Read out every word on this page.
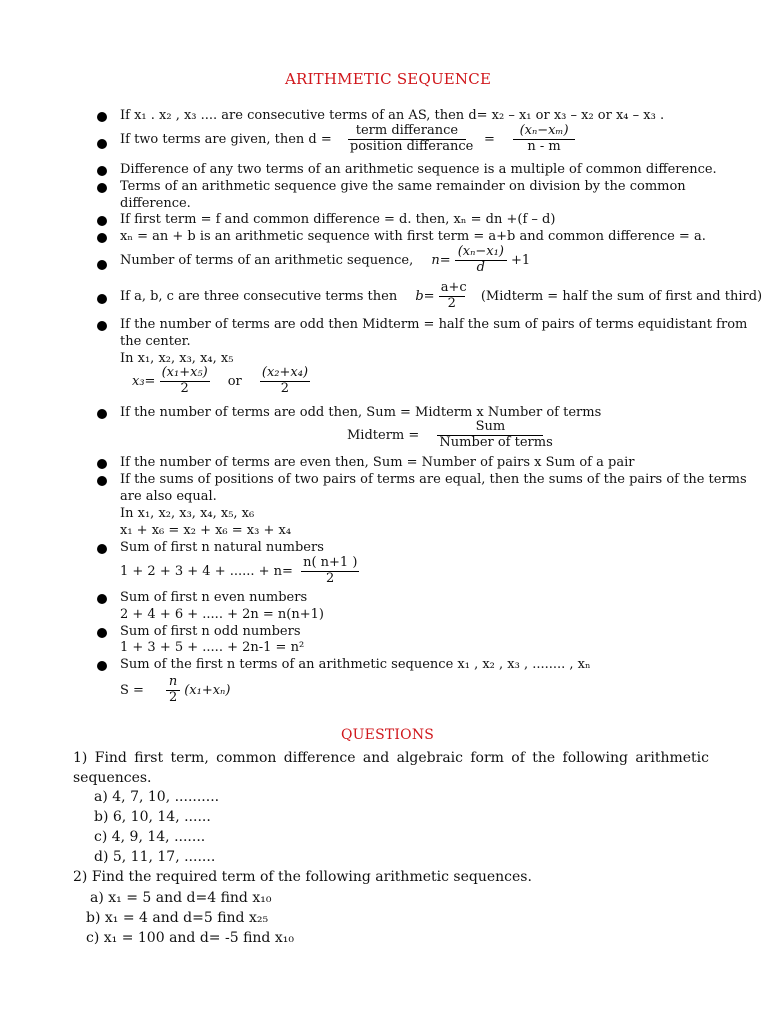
ARITHMETIC SEQUENCE
If x₁ . x₂ , x₃ .... are consecutive terms of an AS, then d= x₂ – x₁ or x₃ – x₂ or x₄ – x₃ .
If two terms are given, then $d = \frac{\text{term differance}}{\text{position differance}} = \frac{\text{(xₙ−xₘ)}}{n - m}$
Difference of any two terms of an arithmetic sequence is a multiple of common difference.
Terms of an arithmetic sequence give the same remainder on division by the common
difference.
If first term = f and common difference = d. then, xₙ = dn +(f – d)
xₙ = an + b is an arithmetic sequence with first term = a+b and common difference = a.
Number of terms of an arithmetic sequence, $n= \frac{\text{(xₙ−x₁)}}{d} +1$
If a, b, c are three consecutive terms then $b= \frac{a+c}{2}$ (Midterm = half the sum of first and third)
If the number of terms are odd then Midterm = half the sum of pairs of terms equidistant from
the center.
In x₁, x₂, x₃, x₄, x₅
$x_3= \frac{\text{(x₁+x₅)}}{2}$ or $\frac{\text{(x₂+x₄)}}{2}$
If the number of terms are odd then, Sum = Midterm x Number of terms
Midterm = $\frac{\text{Sum}}{\text{Number of terms}}$
If the number of terms are even then, Sum = Number of pairs x Sum of a pair
If the sums of positions of two pairs of terms are equal, then the sums of the pairs of the terms
are also equal.
In x₁, x₂, x₃, x₄, x₅, x₆
x₁ + x₆ = x₂ + x₆ = x₃ + x₄
Sum of first n natural numbers
1 + 2 + 3 + 4 + ...... + $n= \frac{n( n+1 )}{2}$
Sum of first n even numbers
2 + 4 + 6 + ..... + 2n = n(n+1)
Sum of first n odd numbers
1 + 3 + 5 + ..... + 2n-1 = n²
Sum of the first n terms of an arithmetic sequence x₁ , x₂ , x₃ , ........ , xₙ
$S = \frac{n}{2} (x_1+x_n)$
QUESTIONS
1) Find first term, common difference and algebraic form of the following arithmetic sequences.
a) 4, 7, 10, ..........
b) 6, 10, 14, ......
c) 4, 9, 14, .......
d) 5, 11, 17, .......
2) Find the required term of the following arithmetic sequences.
a) x₁ = 5 and d=4 find x₁₀
b) x₁ = 4 and d=5 find x₂₅
c) x₁ = 100 and d= -5 find x₁₀
